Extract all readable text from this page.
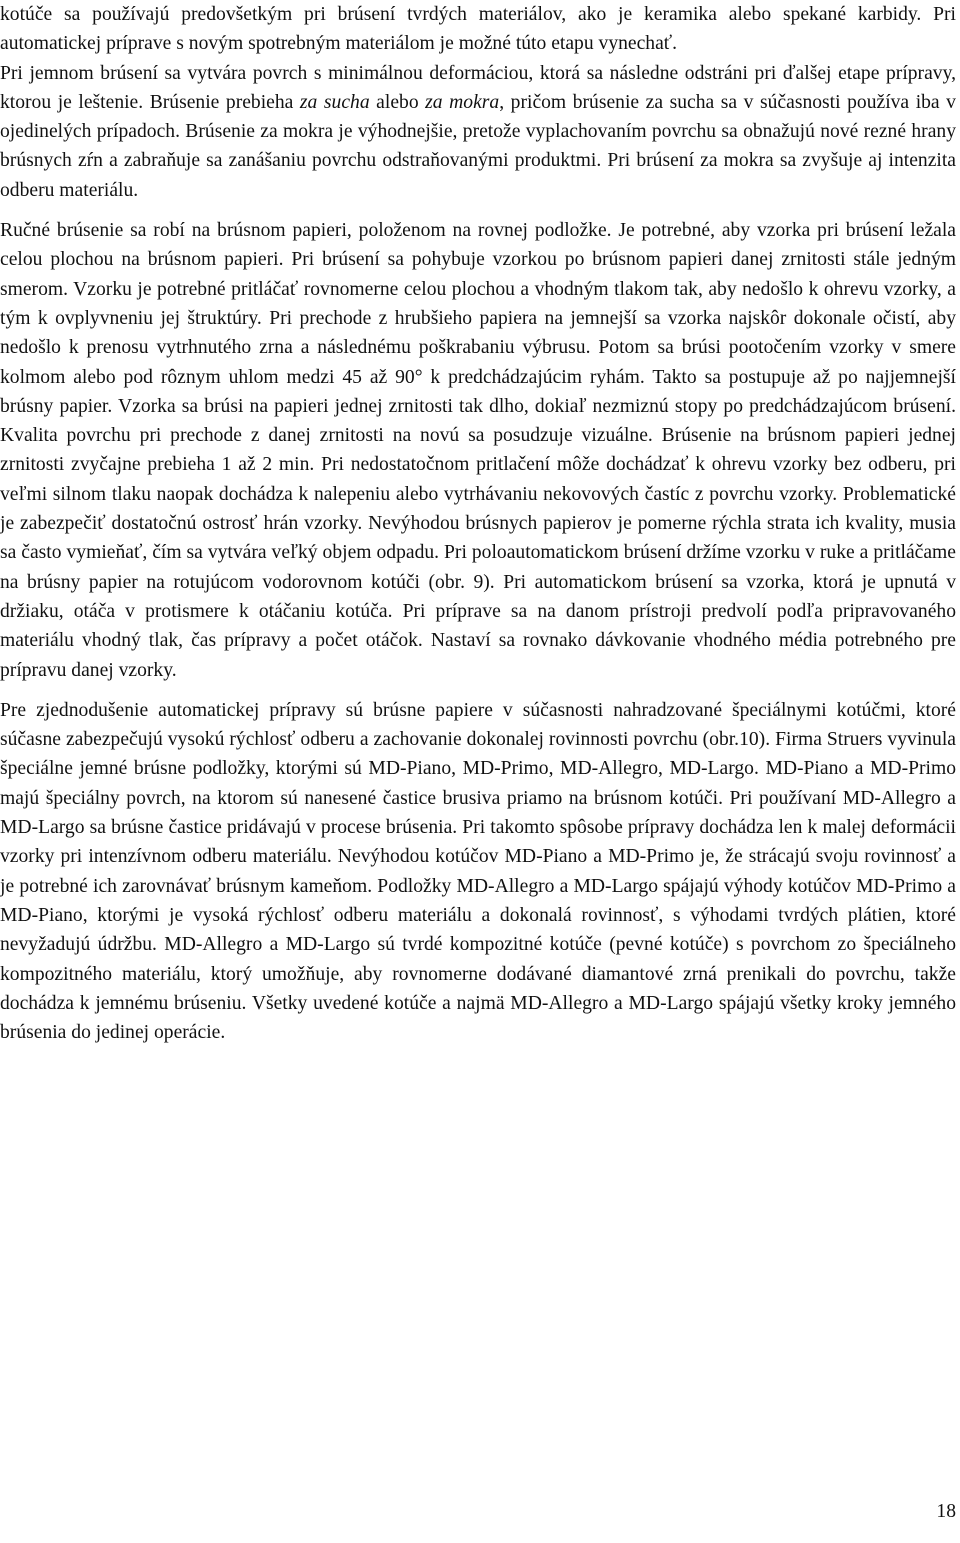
kotúče sa používajú predovšetkým pri brúsení tvrdých materiálov, ako je keramika alebo spekané karbidy. Pri automatickej príprave s novým spotrebným materiálom je možné túto etapu vynechať.

Pri jemnom brúsení sa vytvára povrch s minimálnou deformáciou, ktorá sa následne odstráni pri ďalšej etape prípravy, ktorou je leštenie. Brúsenie prebieha za sucha alebo za mokra, pričom brúsenie za sucha sa v súčasnosti používa iba v ojedinelých prípadoch. Brúsenie za mokra je výhodnejšie, pretože vyplachovaním povrchu sa obnažujú nové rezné hrany brúsnych zŕn a zabraňuje sa zanášaniu povrchu odstraňovanými produktmi. Pri brúsení za mokra sa zvyšuje aj intenzita odberu materiálu.

Ručné brúsenie sa robí na brúsnom papieri, položenom na rovnej podložke. Je potrebné, aby vzorka pri brúsení ležala celou plochou na brúsnom papieri. Pri brúsení sa pohybuje vzorkou po brúsnom papieri danej zrnitosti stále jedným smerom. Vzorku je potrebné pritláčať rovnomerne celou plochou a vhodným tlakom tak, aby nedošlo k ohrevu vzorky, a tým k ovplyvneniu jej štruktúry. Pri prechode z hrubšieho papiera na jemnejší sa vzorka najskôr dokonale očistí, aby nedošlo k prenosu vytrhnutého zrna a následnému poškrabaniu výbrusu. Potom sa brúsi pootočením vzorky v smere kolmom alebo pod rôznym uhlom medzi 45 až 90° k predchádzajúcim ryhám. Takto sa postupuje až po najjemnejší brúsny papier. Vzorka sa brúsi na papieri jednej zrnitosti tak dlho, dokiaľ nezmiznú stopy po predchádzajúcom brúsení. Kvalita povrchu pri prechode z danej zrnitosti na novú sa posudzuje vizuálne. Brúsenie na brúsnom papieri jednej zrnitosti zvyčajne prebieha 1 až 2 min. Pri nedostatočnom pritlačení môže dochádzať k ohrevu vzorky bez odberu, pri veľmi silnom tlaku naopak dochádza k nalepeniu alebo vytrhávaniu nekovových častíc z povrchu vzorky. Problematické je zabezpečiť dostatočnú ostrosť hrán vzorky. Nevýhodou brúsnych papierov je pomerne rýchla strata ich kvality, musia sa často vymieňať, čím sa vytvára veľký objem odpadu. Pri poloautomatickom brúsení držíme vzorku v ruke a pritláčame na brúsny papier na rotujúcom vodorovnom kotúči (obr. 9). Pri automatickom brúsení sa vzorka, ktorá je upnutá v držiaku, otáča v protismere k otáčaniu kotúča. Pri príprave sa na danom prístroji predvolí podľa pripravovaného materiálu vhodný tlak, čas prípravy a počet otáčok. Nastaví sa rovnako dávkovanie vhodného média potrebného pre prípravu danej vzorky.

Pre zjednodušenie automatickej prípravy sú brúsne papiere v súčasnosti nahradzované špeciálnymi kotúčmi, ktoré súčasne zabezpečujú vysokú rýchlosť odberu a zachovanie dokonalej rovinnosti povrchu (obr.10). Firma Struers vyvinula špeciálne jemné brúsne podložky, ktorými sú MD-Piano, MD-Primo, MD-Allegro, MD-Largo. MD-Piano a MD-Primo majú špeciálny povrch, na ktorom sú nanesené častice brusiva priamo na brúsnom kotúči. Pri používaní MD-Allegro a MD-Largo sa brúsne častice pridávajú v procese brúsenia. Pri takomto spôsobe prípravy dochádza len k malej deformácii vzorky pri intenzívnom odberu materiálu. Nevýhodou kotúčov MD-Piano a MD-Primo je, že strácajú svoju rovinnosť a je potrebné ich zarovnávať brúsnym kameňom. Podložky MD-Allegro a MD-Largo spájajú výhody kotúčov MD-Primo a MD-Piano, ktorými je vysoká rýchlosť odberu materiálu a dokonalá rovinnosť, s výhodami tvrdých plátien, ktoré nevyžadujú údržbu. MD-Allegro a MD-Largo sú tvrdé kompozitné kotúče (pevné kotúče) s povrchom zo špeciálneho kompozitného materiálu, ktorý umožňuje, aby rovnomerne dodávané diamantové zrná prenikali do povrchu, takže dochádza k jemnému brúseniu. Všetky uvedené kotúče a najmä MD-Allegro a MD-Largo spájajú všetky kroky jemného brúsenia do jedinej operácie.

18
